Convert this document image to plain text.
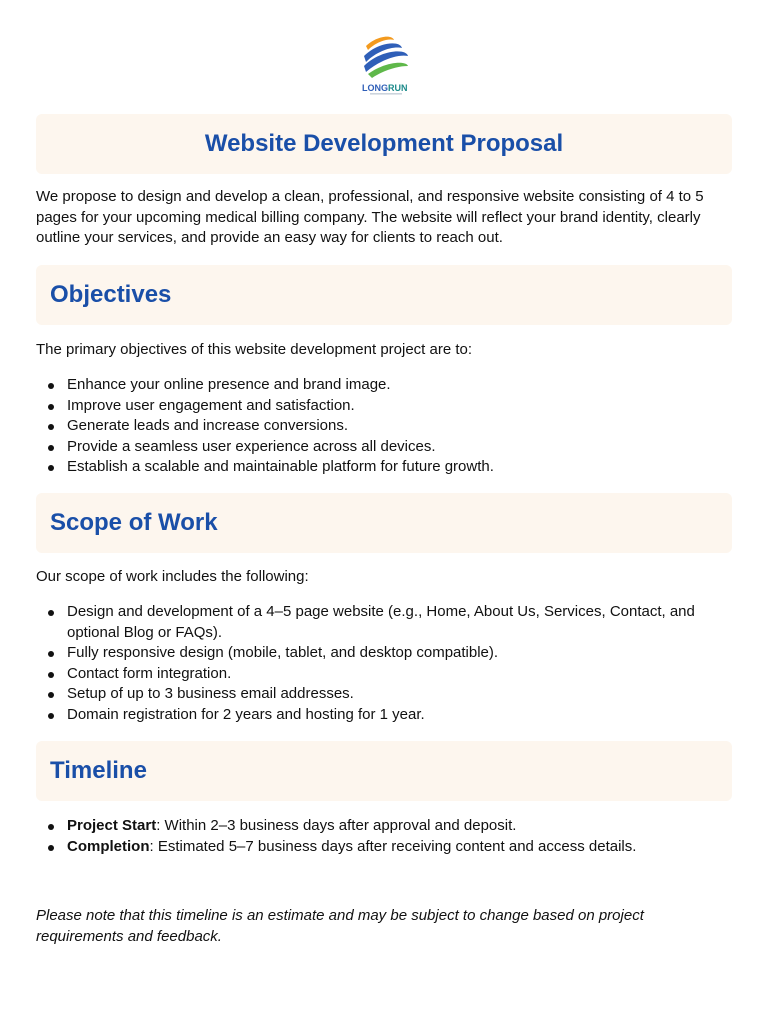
LONG RUN
Website Development Proposal

We propose to design and develop a clean, professional, and responsive website consisting of 4 to 5 pages for your upcoming medical billing company. The website will reflect your brand identity, clearly outline your services, and provide an easy way for clients to reach out.

Objectives

The primary objectives of this website development project are to:

Enhance your online presence and brand image.
Improve user engagement and satisfaction.
Generate leads and increase conversions.
Provide a seamless user experience across all devices.
Establish a scalable and maintainable platform for future growth.
Scope of Work

Our scope of work includes the following:

Design and development of a 4–5 page website (e.g., Home, About Us, Services, Contact, and optional Blog or FAQs).
Fully responsive design (mobile, tablet, and desktop compatible).
Contact form integration.
Setup of up to 3 business email addresses.
Domain registration for 2 years and hosting for 1 year.
Timeline
Project Start: Within 2–3 business days after approval and deposit.
Completion: Estimated 5–7 business days after receiving content and access details.

Please note that this timeline is an estimate and may be subject to change based on project requirements and feedback.
